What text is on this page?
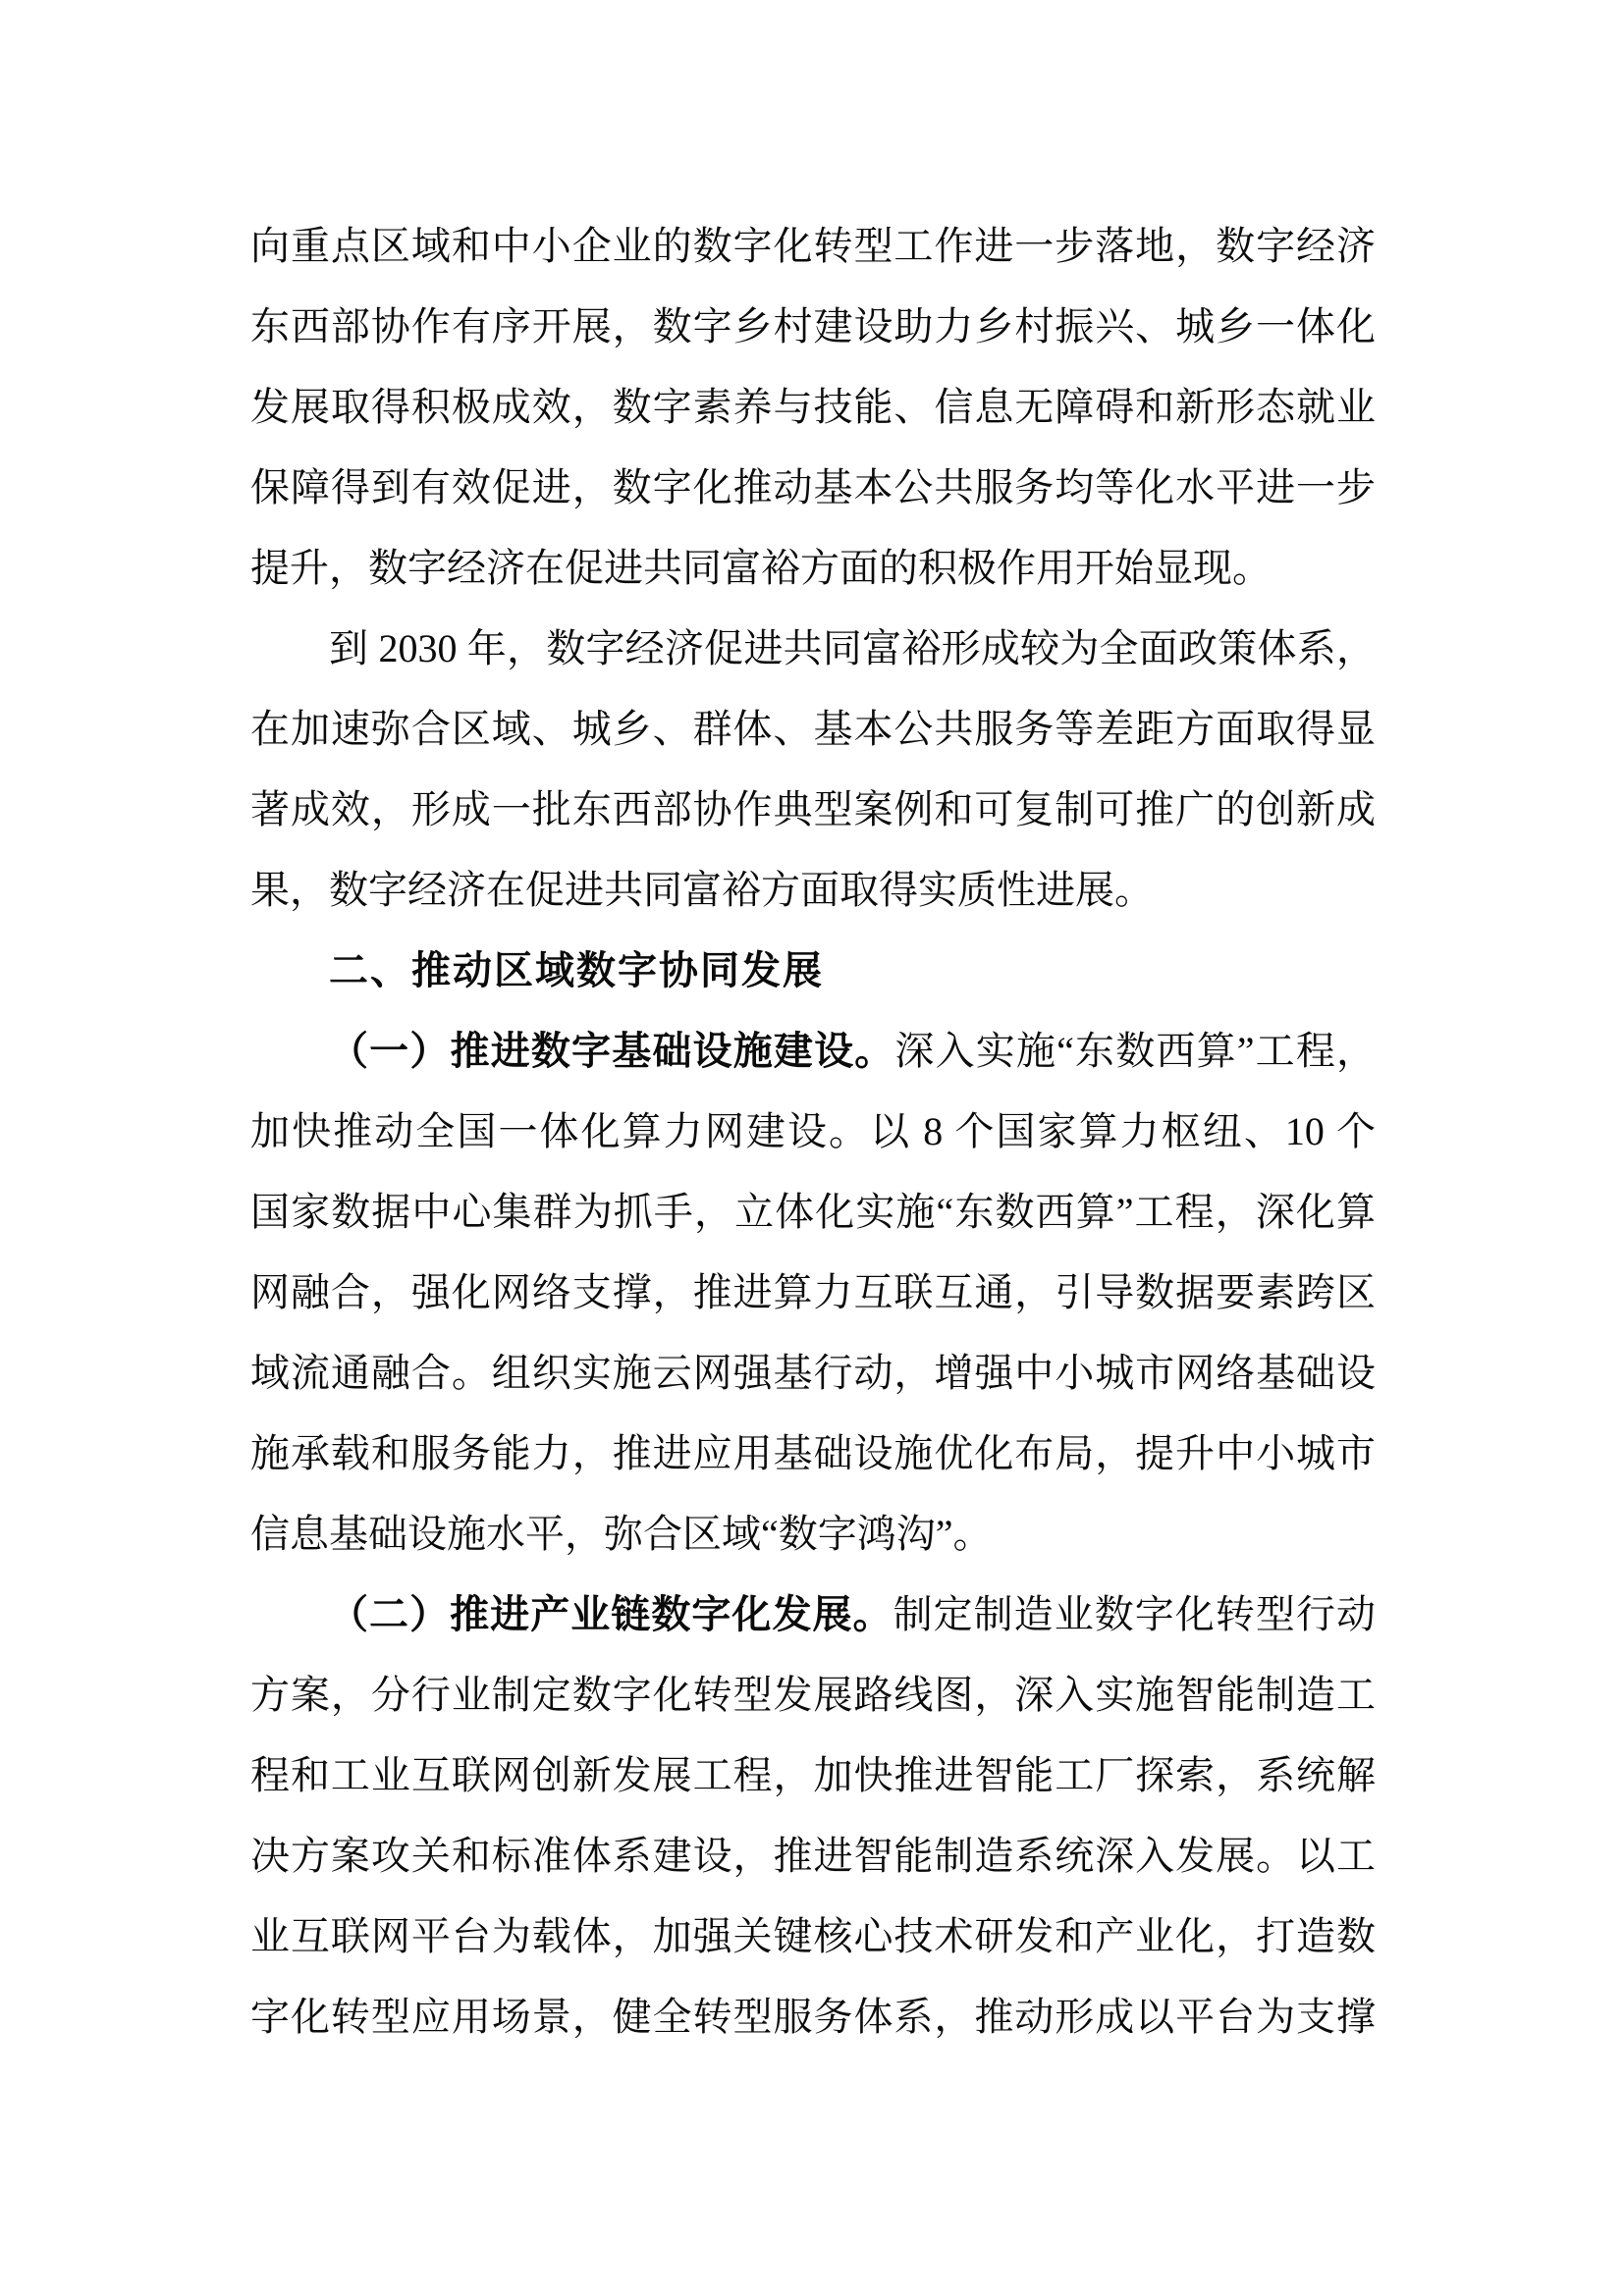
向重点区域和中小企业的数字化转型工作进一步落地，数字经济
东西部协作有序开展，数字乡村建设助力乡村振兴、城乡一体化
发展取得积极成效，数字素养与技能、信息无障碍和新形态就业
保障得到有效促进，数字化推动基本公共服务均等化水平进一步
提升，数字经济在促进共同富裕方面的积极作用开始显现。
到 2030 年，数字经济促进共同富裕形成较为全面政策体系，
在加速弥合区域、城乡、群体、基本公共服务等差距方面取得显
著成效，形成一批东西部协作典型案例和可复制可推广的创新成
果，数字经济在促进共同富裕方面取得实质性进展。
二、推动区域数字协同发展
（一）推进数字基础设施建设。深入实施“东数西算”工程，
加快推动全国一体化算力网建设。以 8 个国家算力枢纽、10 个
国家数据中心集群为抓手，立体化实施“东数西算”工程，深化算
网融合，强化网络支撑，推进算力互联互通，引导数据要素跨区
域流通融合。组织实施云网强基行动，增强中小城市网络基础设
施承载和服务能力，推进应用基础设施优化布局，提升中小城市
信息基础设施水平，弥合区域“数字鸿沟”。
（二）推进产业链数字化发展。制定制造业数字化转型行动
方案，分行业制定数字化转型发展路线图，深入实施智能制造工
程和工业互联网创新发展工程，加快推进智能工厂探索，系统解
决方案攻关和标准体系建设，推进智能制造系统深入发展。以工
业互联网平台为载体，加强关键核心技术研发和产业化，打造数
字化转型应用场景，健全转型服务体系，推动形成以平台为支撑
